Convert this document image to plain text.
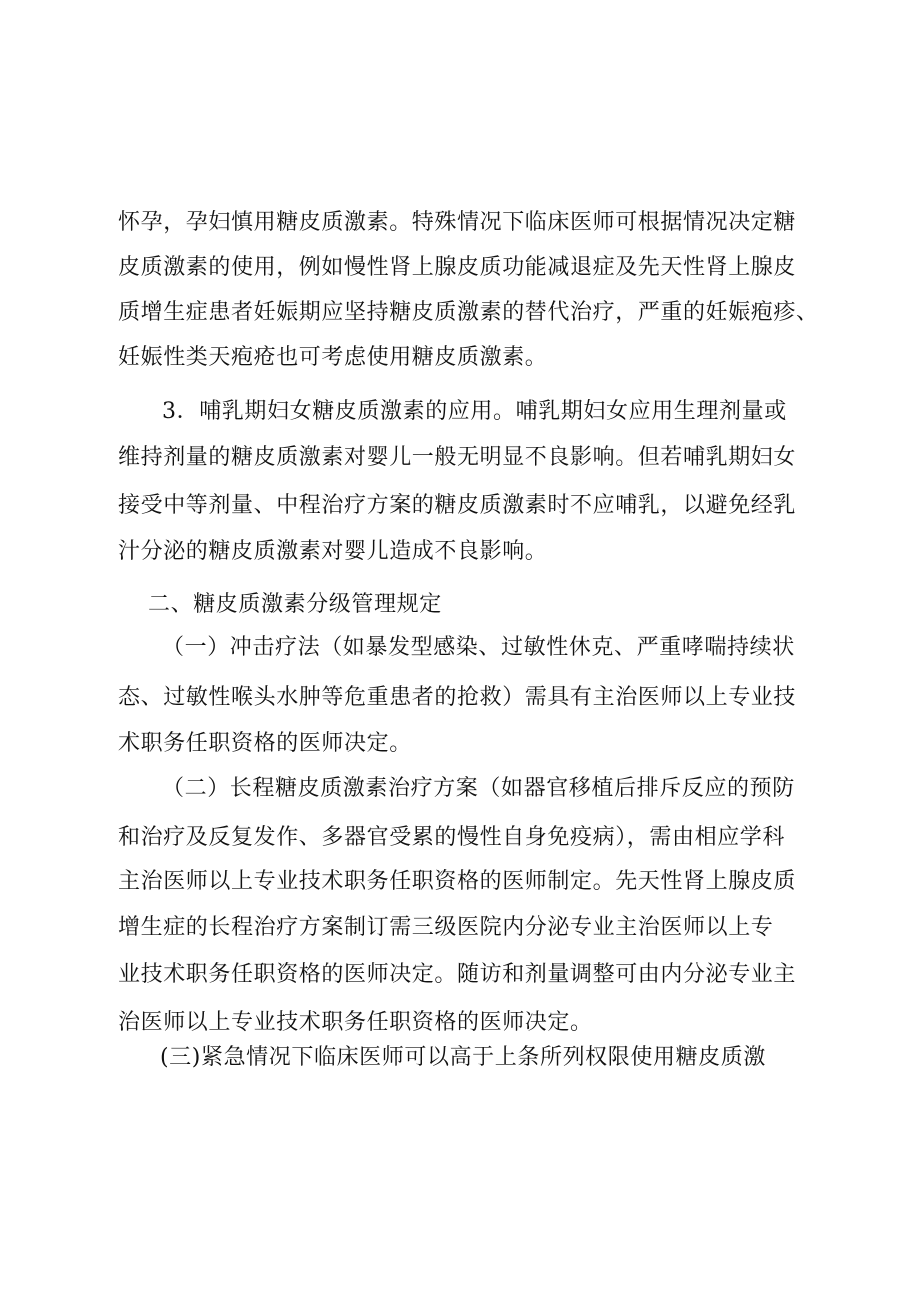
怀孕，孕妇慎用糖皮质激素。特殊情况下临床医师可根据情况决定糖
皮质激素的使用，例如慢性肾上腺皮质功能减退症及先天性肾上腺皮
质增生症患者妊娠期应坚持糖皮质激素的替代治疗，严重的妊娠疱疹、
妊娠性类天疱疮也可考虑使用糖皮质激素。
3．哺乳期妇女糖皮质激素的应用。哺乳期妇女应用生理剂量或
维持剂量的糖皮质激素对婴儿一般无明显不良影响。但若哺乳期妇女
接受中等剂量、中程治疗方案的糖皮质激素时不应哺乳，以避免经乳
汁分泌的糖皮质激素对婴儿造成不良影响。
二、糖皮质激素分级管理规定
（一）冲击疗法（如暴发型感染、过敏性休克、严重哮喘持续状
态、过敏性喉头水肿等危重患者的抢救）需具有主治医师以上专业技
术职务任职资格的医师决定。
（二）长程糖皮质激素治疗方案（如器官移植后排斥反应的预防
和治疗及反复发作、多器官受累的慢性自身免疫病），需由相应学科
主治医师以上专业技术职务任职资格的医师制定。先天性肾上腺皮质
增生症的长程治疗方案制订需三级医院内分泌专业主治医师以上专
业技术职务任职资格的医师决定。随访和剂量调整可由内分泌专业主
治医师以上专业技术职务任职资格的医师决定。
(三)紧急情况下临床医师可以高于上条所列权限使用糖皮质激
